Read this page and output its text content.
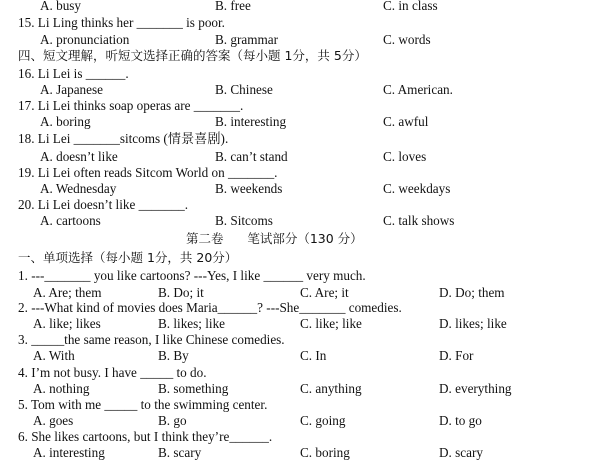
A. busy	B. free	C. in class
15. Li Ling thinks her _______ is poor.
A. pronunciation	B. grammar	C. words
四、短文理解，听短文选择正确的答案（每小题 1分，共 5分）
16. Li Lei is ______.
A. Japanese	B. Chinese	C. American.
17. Li Lei thinks soap operas are _______.
A. boring	B. interesting	C. awful
18. Li Lei _______sitcoms (情景喜剧).
A. doesn’t like	B. can’t stand	C. loves
19. Li Lei often reads Sitcom World on _______.
A. Wednesday	B. weekends	C. weekdays
20. Li Lei doesn’t like _______.
A. cartoons	B. Sitcoms	C. talk shows
第二卷      笔试部分（130 分）
一、单项选择（每小题 1分，共 20分）
1. ---_______ you like cartoons? ---Yes, I like ______ very much.
A. Are; them	B. Do; it	C. Are; it	D. Do; them
2. ---What kind of movies does Maria______? ---She_______ comedies.
A. like; likes	B. likes; like	C. like; like	D. likes; like
3. _____the same reason, I like Chinese comedies.
A. With	B. By	C. In	D. For
4. I’m not busy. I have _____ to do.
A. nothing	B. something	C. anything	D. everything
5. Tom with me _____ to the swimming center.
A. goes	B. go	C. going	D. to go
6. She likes cartoons, but I think they’re______.
A. interesting	B. scary	C. boring	D. scary
